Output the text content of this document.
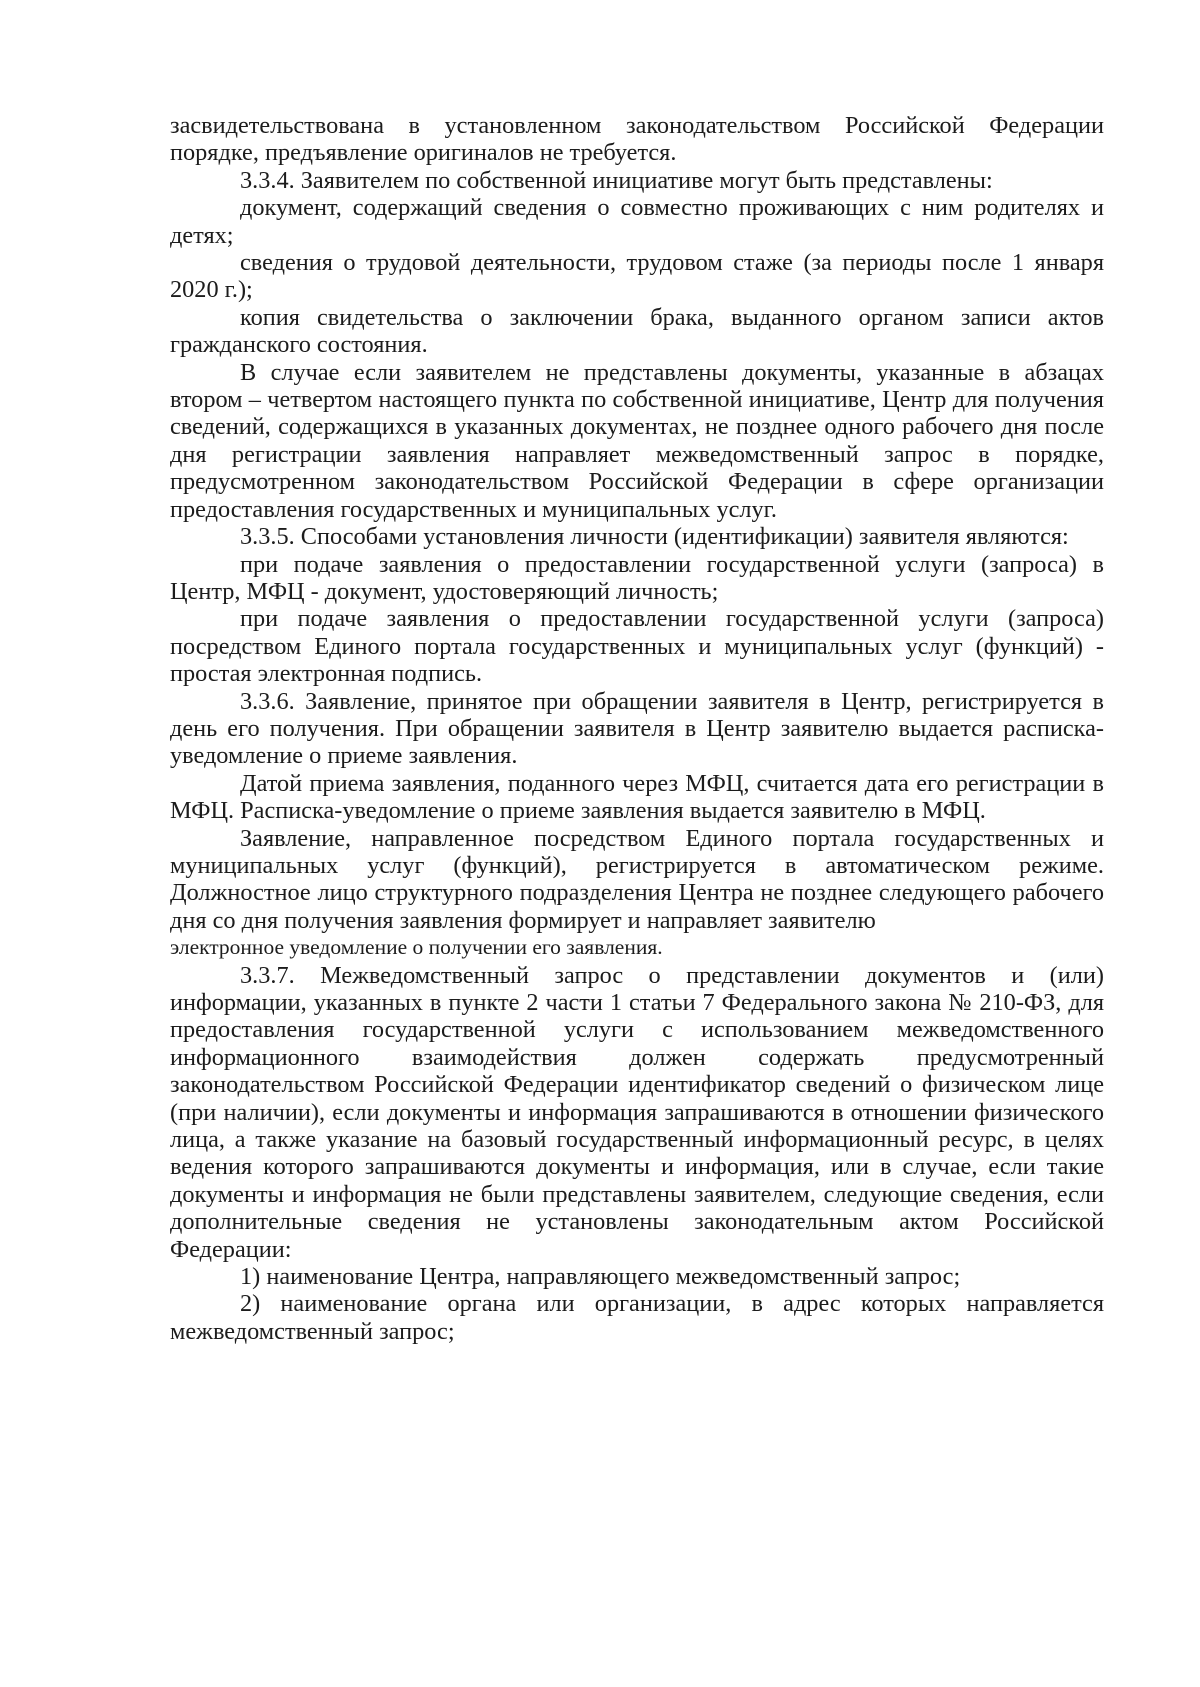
засвидетельствована в установленном законодательством Российской Федерации порядке, предъявление оригиналов не требуется.

3.3.4. Заявителем по собственной инициативе могут быть представлены:

документ, содержащий сведения о совместно проживающих с ним родителях и детях;

сведения о трудовой деятельности, трудовом стаже (за периоды после 1 января 2020 г.);

копия свидетельства о заключении брака, выданного органом записи актов гражданского состояния.

В случае если заявителем не представлены документы, указанные в абзацах втором – четвертом настоящего пункта по собственной инициативе, Центр для получения сведений, содержащихся в указанных документах, не позднее одного рабочего дня после дня регистрации заявления направляет межведомственный запрос в порядке, предусмотренном законодательством Российской Федерации в сфере организации предоставления государственных и муниципальных услуг.

3.3.5. Способами установления личности (идентификации) заявителя являются:

при подаче заявления о предоставлении государственной услуги (запроса) в Центр, МФЦ - документ, удостоверяющий личность;

при подаче заявления о предоставлении государственной услуги (запроса) посредством Единого портала государственных и муниципальных услуг (функций) - простая электронная подпись.

3.3.6. Заявление, принятое при обращении заявителя в Центр, регистрируется в день его получения. При обращении заявителя в Центр заявителю выдается расписка-уведомление о приеме заявления.

Датой приема заявления, поданного через МФЦ, считается дата его регистрации в МФЦ. Расписка-уведомление о приеме заявления выдается заявителю в МФЦ.

Заявление, направленное посредством Единого портала государственных и муниципальных услуг (функций), регистрируется в автоматическом режиме. Должностное лицо структурного подразделения Центра не позднее следующего рабочего дня со дня получения заявления формирует и направляет заявителю

электронное уведомление о получении его заявления.

3.3.7. Межведомственный запрос о представлении документов и (или) информации, указанных в пункте 2 части 1 статьи 7 Федерального закона № 210-ФЗ, для предоставления государственной услуги с использованием межведомственного информационного взаимодействия должен содержать предусмотренный законодательством Российской Федерации идентификатор сведений о физическом лице (при наличии), если документы и информация запрашиваются в отношении физического лица, а также указание на базовый государственный информационный ресурс, в целях ведения которого запрашиваются документы и информация, или в случае, если такие документы и информация не были представлены заявителем, следующие сведения, если дополнительные сведения не установлены законодательным актом Российской Федерации:

1) наименование Центра, направляющего межведомственный запрос;

2) наименование органа или организации, в адрес которых направляется межведомственный запрос;
